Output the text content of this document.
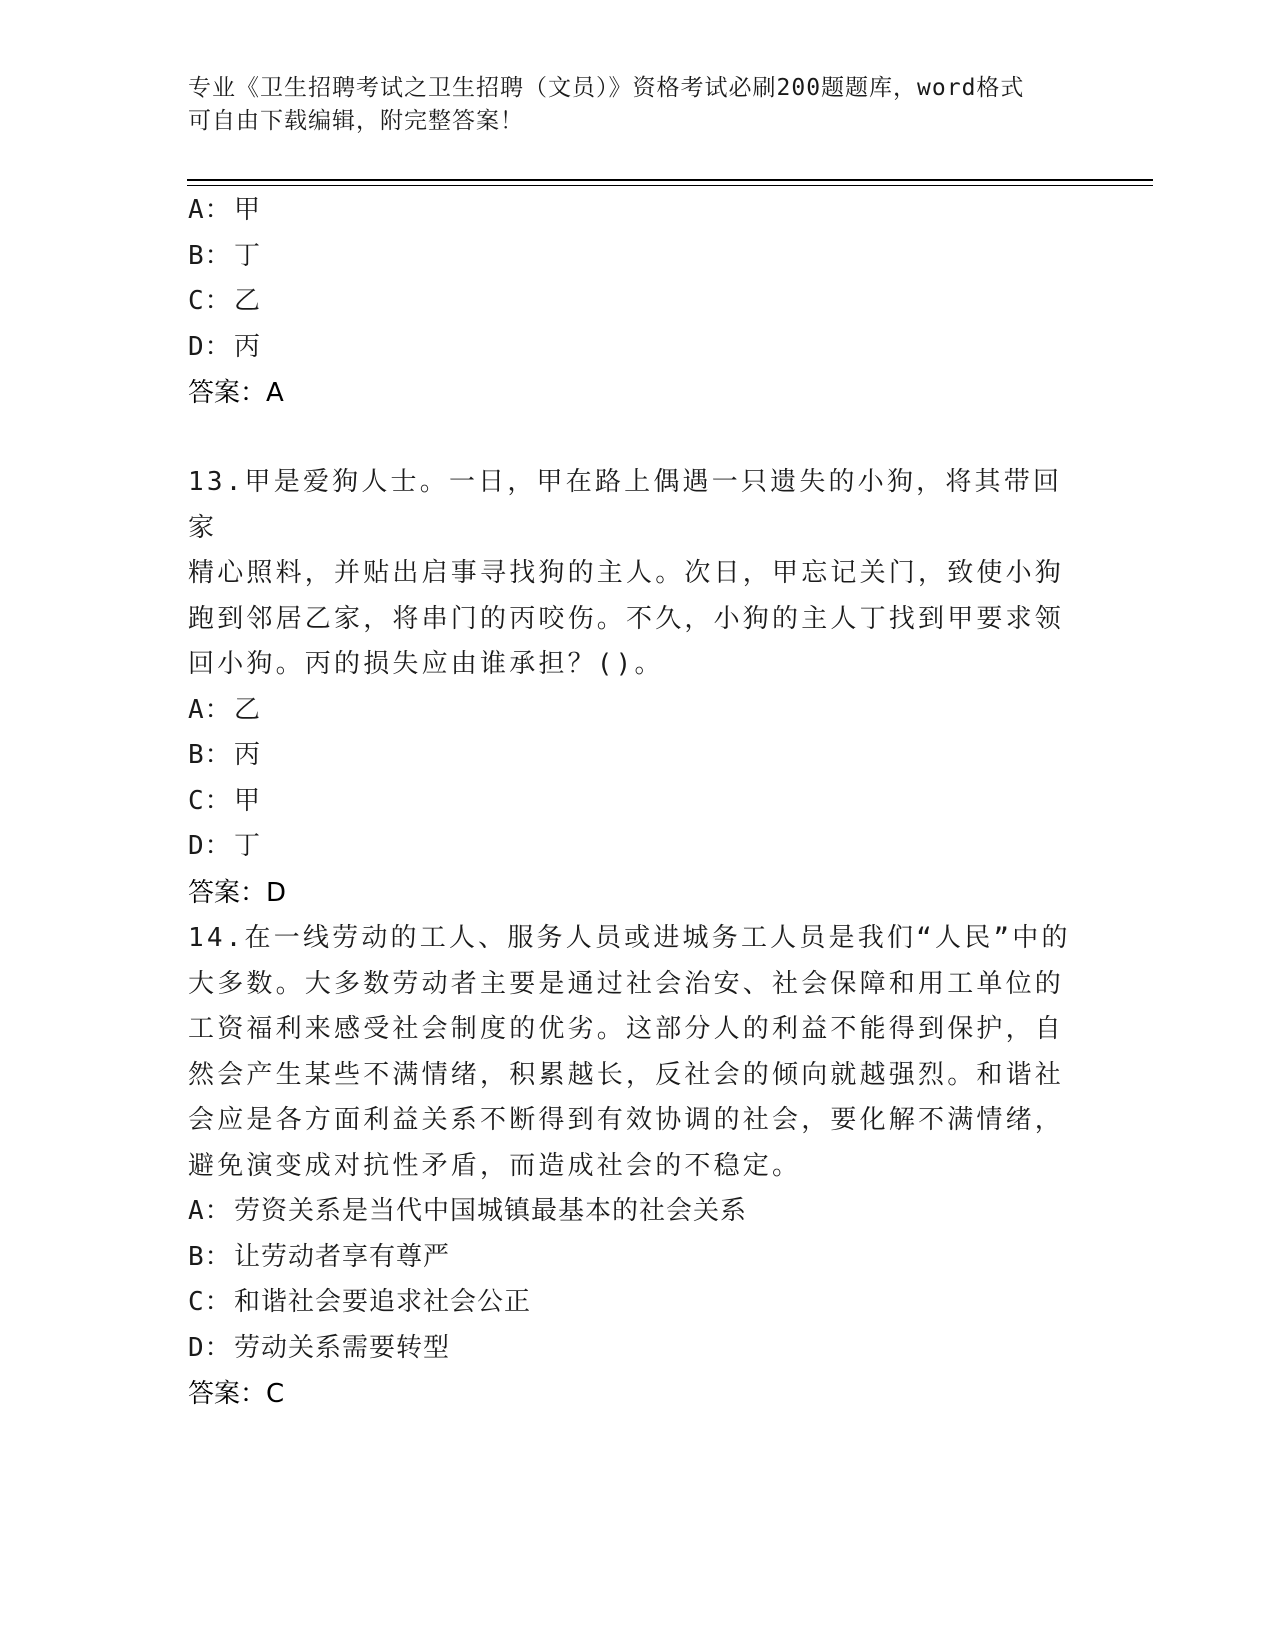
专业《卫生招聘考试之卫生招聘（文员）》资格考试必刷200题题库，word格式
可自由下载编辑，附完整答案！
A：甲
B：丁
C：乙
D：丙
答案：A
13.甲是爱狗人士。一日，甲在路上偶遇一只遗失的小狗，将其带回家
精心照料，并贴出启事寻找狗的主人。次日，甲忘记关门，致使小狗
跑到邻居乙家，将串门的丙咬伤。不久，小狗的主人丁找到甲要求领
回小狗。丙的损失应由谁承担？()。
A：乙
B：丙
C：甲
D：丁
答案：D
14.在一线劳动的工人、服务人员或进城务工人员是我们“人民”中的
大多数。大多数劳动者主要是通过社会治安、社会保障和用工单位的
工资福利来感受社会制度的优劣。这部分人的利益不能得到保护，自
然会产生某些不满情绪，积累越长，反社会的倾向就越强烈。和谐社
会应是各方面利益关系不断得到有效协调的社会，要化解不满情绪，
避免演变成对抗性矛盾，而造成社会的不稳定。
A：劳资关系是当代中国城镇最基本的社会关系
B：让劳动者享有尊严
C：和谐社会要追求社会公正
D：劳动关系需要转型
答案：C
